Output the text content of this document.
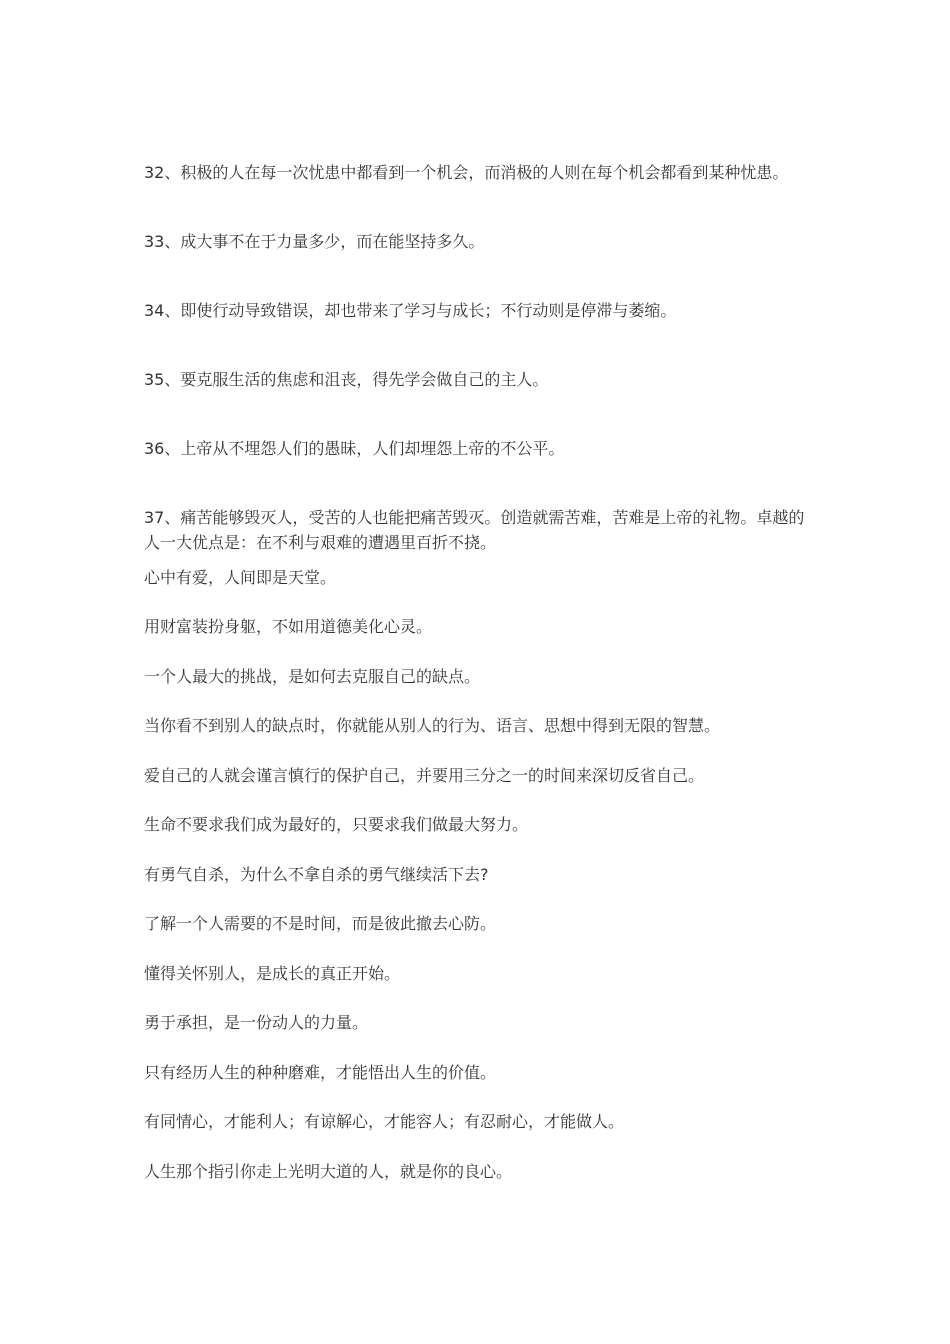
32、积极的人在每一次忧患中都看到一个机会，而消极的人则在每个机会都看到某种忧患。

33、成大事不在于力量多少，而在能坚持多久。

34、即使行动导致错误，却也带来了学习与成长；不行动则是停滞与萎缩。

35、要克服生活的焦虑和沮丧，得先学会做自己的主人。

36、上帝从不埋怨人们的愚昧，人们却埋怨上帝的不公平。

37、痛苦能够毁灭人，受苦的人也能把痛苦毁灭。创造就需苦难，苦难是上帝的礼物。卓越的人一大优点是：在不利与艰难的遭遇里百折不挠。

心中有爱，人间即是天堂。

用财富装扮身躯，不如用道德美化心灵。

一个人最大的挑战，是如何去克服自己的缺点。

当你看不到别人的缺点时，你就能从别人的行为、语言、思想中得到无限的智慧。

爱自己的人就会谨言慎行的保护自己，并要用三分之一的时间来深切反省自己。

生命不要求我们成为最好的，只要求我们做最大努力。

有勇气自杀，为什么不拿自杀的勇气继续活下去?

了解一个人需要的不是时间，而是彼此撤去心防。

懂得关怀别人，是成长的真正开始。

勇于承担，是一份动人的力量。

只有经历人生的种种磨难，才能悟出人生的价值。

有同情心，才能利人；有谅解心，才能容人；有忍耐心，才能做人。

人生那个指引你走上光明大道的人，就是你的良心。
